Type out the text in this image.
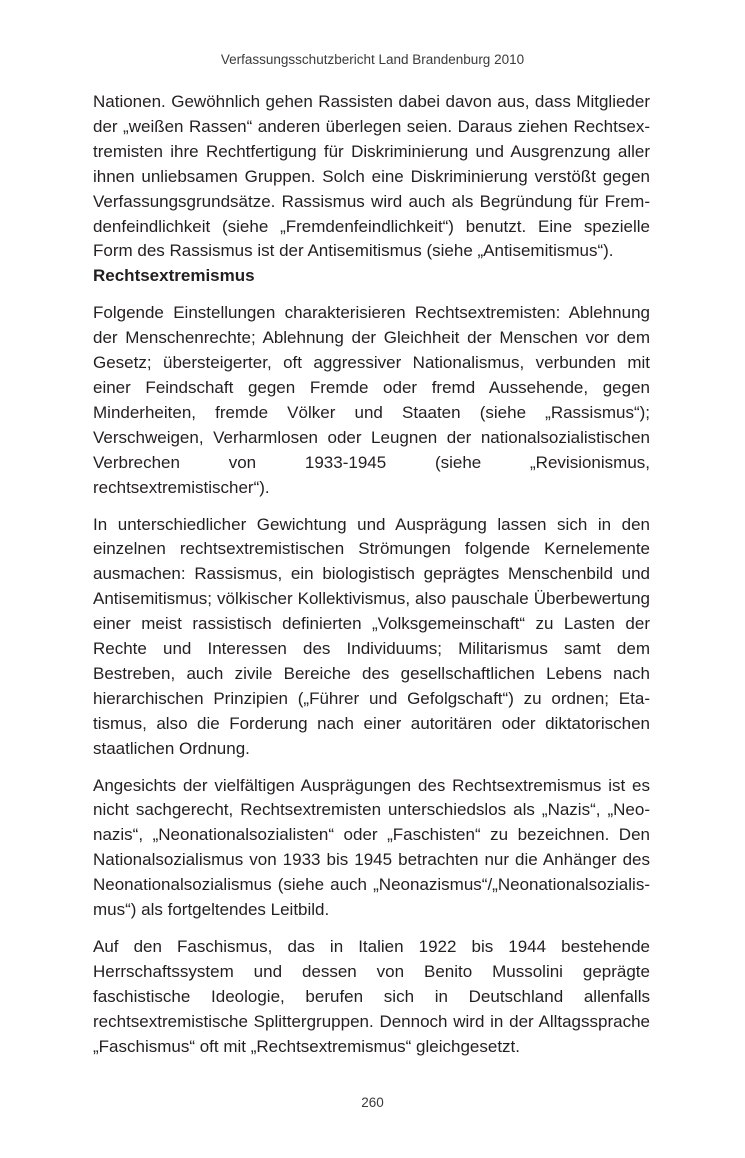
Verfassungsschutzbericht Land Brandenburg 2010

Nationen. Gewöhnlich gehen Rassisten dabei davon aus, dass Mitglieder der „weißen Rassen“ anderen überlegen seien. Daraus ziehen Rechtsextremisten ihre Rechtfertigung für Diskriminierung und Ausgrenzung aller ihnen unliebsamen Gruppen. Solch eine Diskriminierung verstößt gegen Verfassungsgrundsätze. Rassismus wird auch als Begründung für Fremdenfeindlichkeit (siehe „Fremdenfeindlichkeit“) benutzt. Eine spezielle Form des Rassismus ist der Antisemitismus (siehe „Antisemitismus“).

Rechtsextremismus

Folgende Einstellungen charakterisieren Rechtsextremisten: Ablehnung der Menschenrechte; Ablehnung der Gleichheit der Menschen vor dem Gesetz; übersteigerter, oft aggressiver Nationalismus, verbunden mit einer Feindschaft gegen Fremde oder fremd Aussehende, gegen Minderheiten, fremde Völker und Staaten (siehe „Rassismus“); Verschweigen, Verharmlosen oder Leugnen der nationalsozialistischen Verbrechen von 1933-1945 (siehe „Revisionismus, rechtsextremistischer“).

In unterschiedlicher Gewichtung und Ausprägung lassen sich in den einzelnen rechtsextremistischen Strömungen folgende Kernelemente ausmachen: Rassismus, ein biologistisch geprägtes Menschenbild und Antisemitismus; völkischer Kollektivismus, also pauschale Überbewertung einer meist rassistisch definierten „Volksgemeinschaft“ zu Lasten der Rechte und Interessen des Individuums; Militarismus samt dem Bestreben, auch zivile Bereiche des gesellschaftlichen Lebens nach hierarchischen Prinzipien („Führer und Gefolgschaft“) zu ordnen; Etatismus, also die Forderung nach einer autoritären oder diktatorischen staatlichen Ordnung.

Angesichts der vielfältigen Ausprägungen des Rechtsextremismus ist es nicht sachgerecht, Rechtsextremisten unterschiedslos als „Nazis“, „Neonazis“, „Neonationalsozialisten“ oder „Faschisten“ zu bezeichnen. Den Nationalsozialismus von 1933 bis 1945 betrachten nur die Anhänger des Neonationalsozialismus (siehe auch „Neonazismus“/„Neonationalsozialismus“) als fortgeltendes Leitbild.

Auf den Faschismus, das in Italien 1922 bis 1944 bestehende Herrschaftssystem und dessen von Benito Mussolini geprägte faschistische Ideologie, berufen sich in Deutschland allenfalls rechtsextremistische Splittergruppen. Dennoch wird in der Alltagssprache „Faschismus“ oft mit „Rechtsextremismus“ gleichgesetzt.

260
